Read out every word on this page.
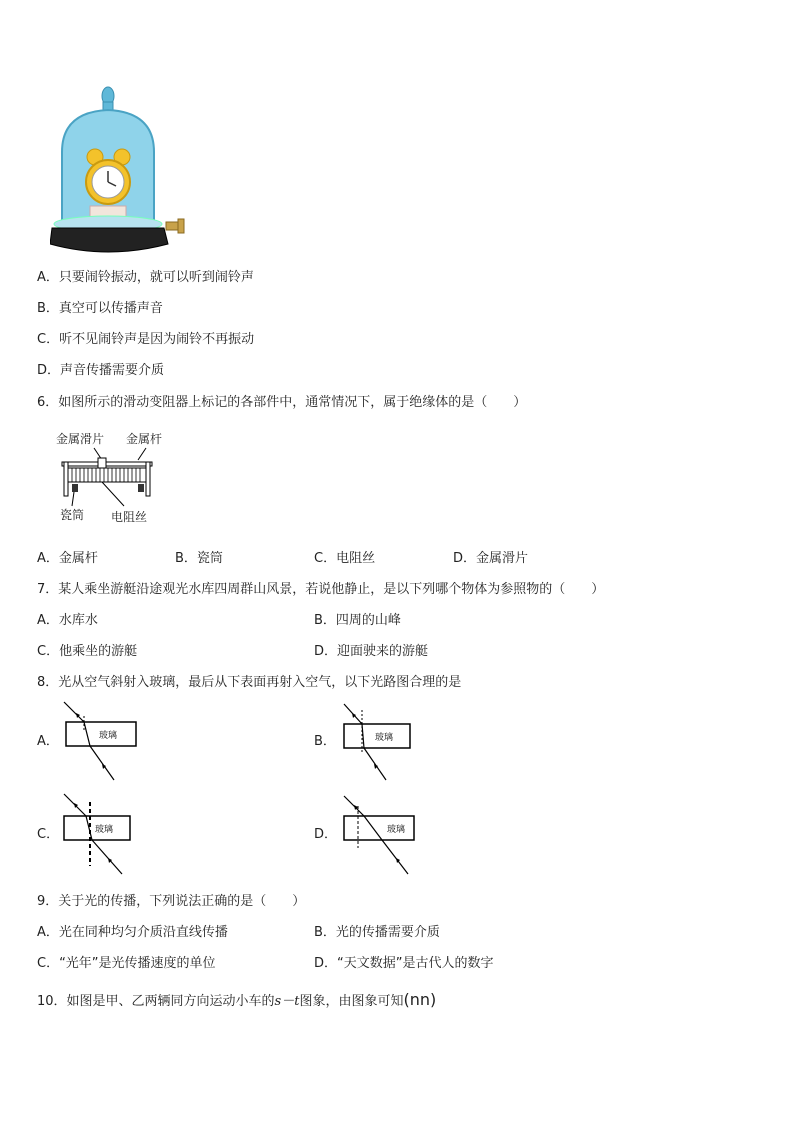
A．只要闹铃振动，就可以听到闹铃声
B．真空可以传播声音
C．听不见闹铃声是因为闹铃不再振动
D．声音传播需要介质
6．如图所示的滑动变阻器上标记的各部件中，通常情况下，属于绝缘体的是（　　）
金属滑片 金属杆
瓷筒 电阻丝
A．金属杆	B．瓷筒	C．电阻丝	D．金属滑片
7．某人乘坐游艇沿途观光水库四周群山风景，若说他静止，是以下列哪个物体为参照物的（　　）
A．水库水	B．四周的山峰
C．他乘坐的游艇	D．迎面驶来的游艇
8．光从空气斜射入玻璃，最后从下表面再射入空气，以下光路图合理的是
A．	玻璃	B．	玻璃
C．	玻璃	D．	玻璃
9．关于光的传播，下列说法正确的是（　　）
A．光在同种均匀介质沿直线传播	B．光的传播需要介质
C．“光年”是光传播速度的单位	D．“天文数据”是古代人的数字
10．如图是甲、乙两辆同方向运动小车的s－t图象，由图象可知(nn)
